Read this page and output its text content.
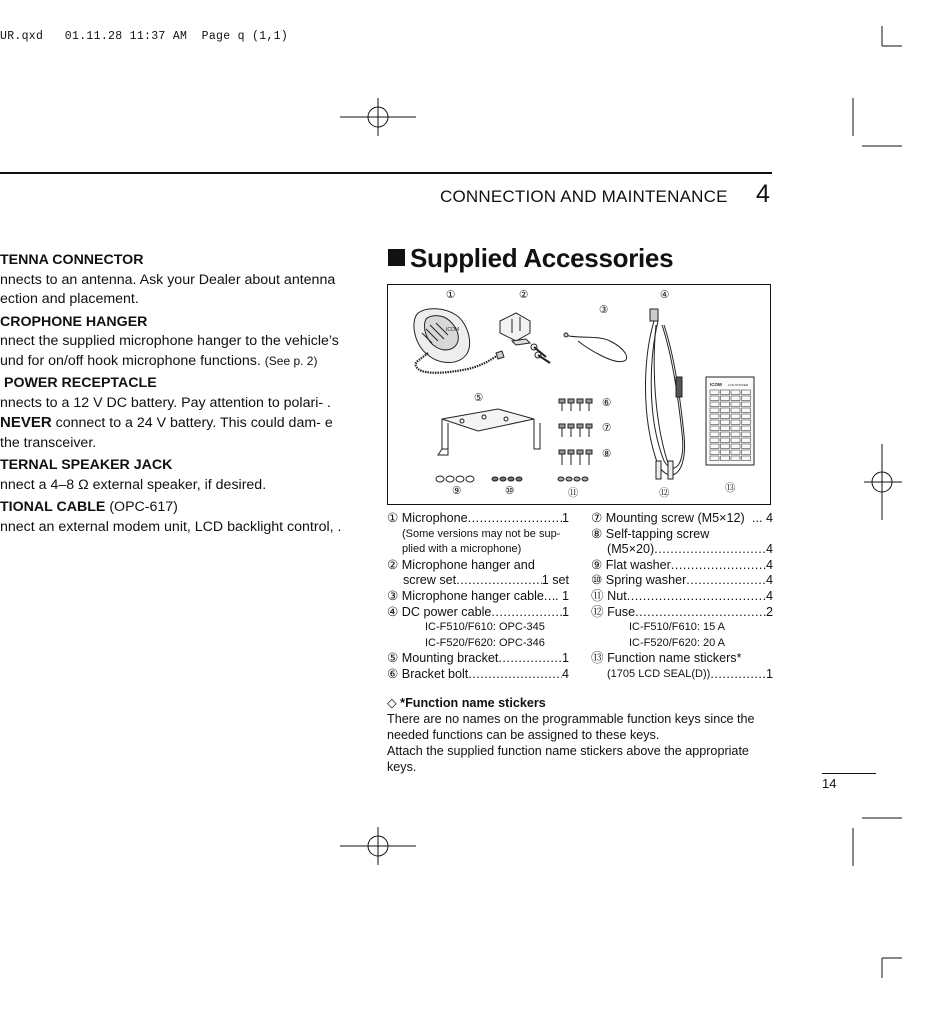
UR.qxd   01.11.28 11:37 AM  Page q (1,1)
CONNECTION AND MAINTENANCE 4
TENNA CONNECTOR
nnects to an antenna. Ask your Dealer about antenna ection and placement.
CROPHONE HANGER
nnect the supplied microphone hanger to the vehicle’s und for on/off hook microphone functions. (See p. 2)
POWER RECEPTACLE
nnects to a 12 V DC battery. Pay attention to polari- . NEVER connect to a 24 V battery. This could dam- e the transceiver.
TERNAL SPEAKER JACK
nnect a 4–8 Ω external speaker, if desired.
TIONAL CABLE (OPC-617)
nnect an external modem unit, LCD backlight control, .
Supplied Accessories
①	②
③
④
⑤	⑥
⑦
⑧
⑨	⑩	⑪	⑫	⑬
ICOM
ICOM LCD-STICKER
① Microphone .....	1
(Some versions may not be sup-
plied with a microphone)
② Microphone hanger and
screw set .....	1 set
③ Microphone hanger cable ..... . 1
④ DC power cable .....	1
IC-F510/F610: OPC-345
IC-F520/F620: OPC-346
⑤ Mounting bracket .....	1
⑥ Bracket bolt .....	4
⑦ Mounting screw (M5×12) ... 4
⑧ Self-tapping screw
(M5×20) .....	4
⑨ Flat washer .....	4
⑩ Spring washer .....	4
⑪ Nut .....	4
⑫ Fuse .....	2
IC-F510/F610: 15 A
IC-F520/F620: 20 A
⑬ Function name stickers*
(1705 LCD SEAL(D)) .....	1
◇ *Function name stickers
There are no names on the programmable function keys since the needed functions can be assigned to these keys.
Attach the supplied function name stickers above the appropriate keys.
14
